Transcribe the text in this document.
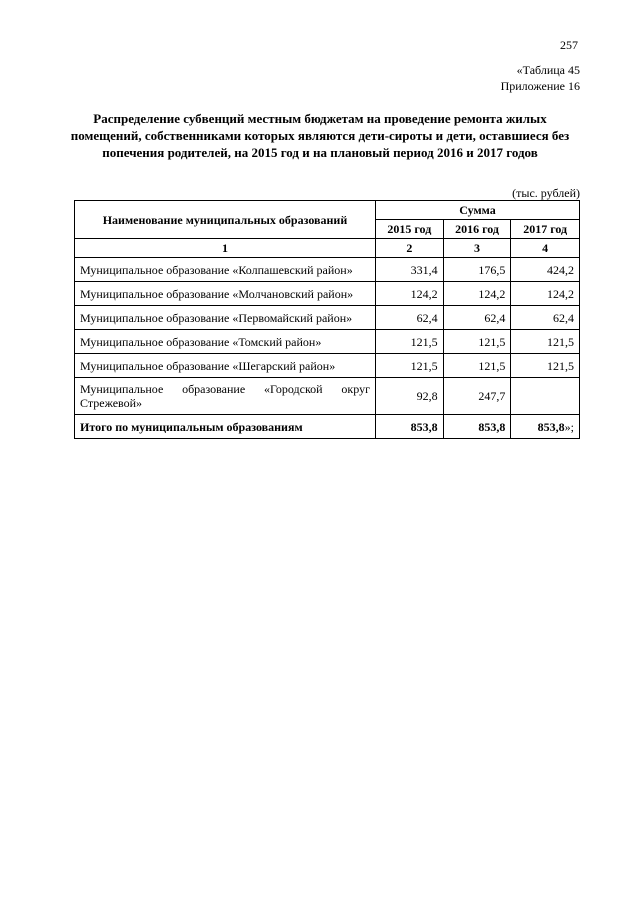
257
«Таблица 45
Приложение 16
Распределение субвенций местным бюджетам на проведение ремонта жилых помещений, собственниками которых являются дети-сироты и дети, оставшиеся без попечения родителей, на 2015 год и на плановый период 2016 и 2017 годов
(тыс. рублей)
Наименование муниципальных образований	Сумма		
	2015 год	2016 год	2017 год
1	2	3	4
Муниципальное образование «Колпашевский район»	331,4	176,5	424,2
Муниципальное образование «Молчановский район»	124,2	124,2	124,2
Муниципальное образование «Первомайский район»	62,4	62,4	62,4
Муниципальное образование «Томский район»	121,5	121,5	121,5
Муниципальное образование «Шегарский район»	121,5	121,5	121,5
Муниципальное образование «Городской округ Стрежевой»	92,8	247,7	
Итого по муниципальным образованиям	853,8	853,8	853,8»;
